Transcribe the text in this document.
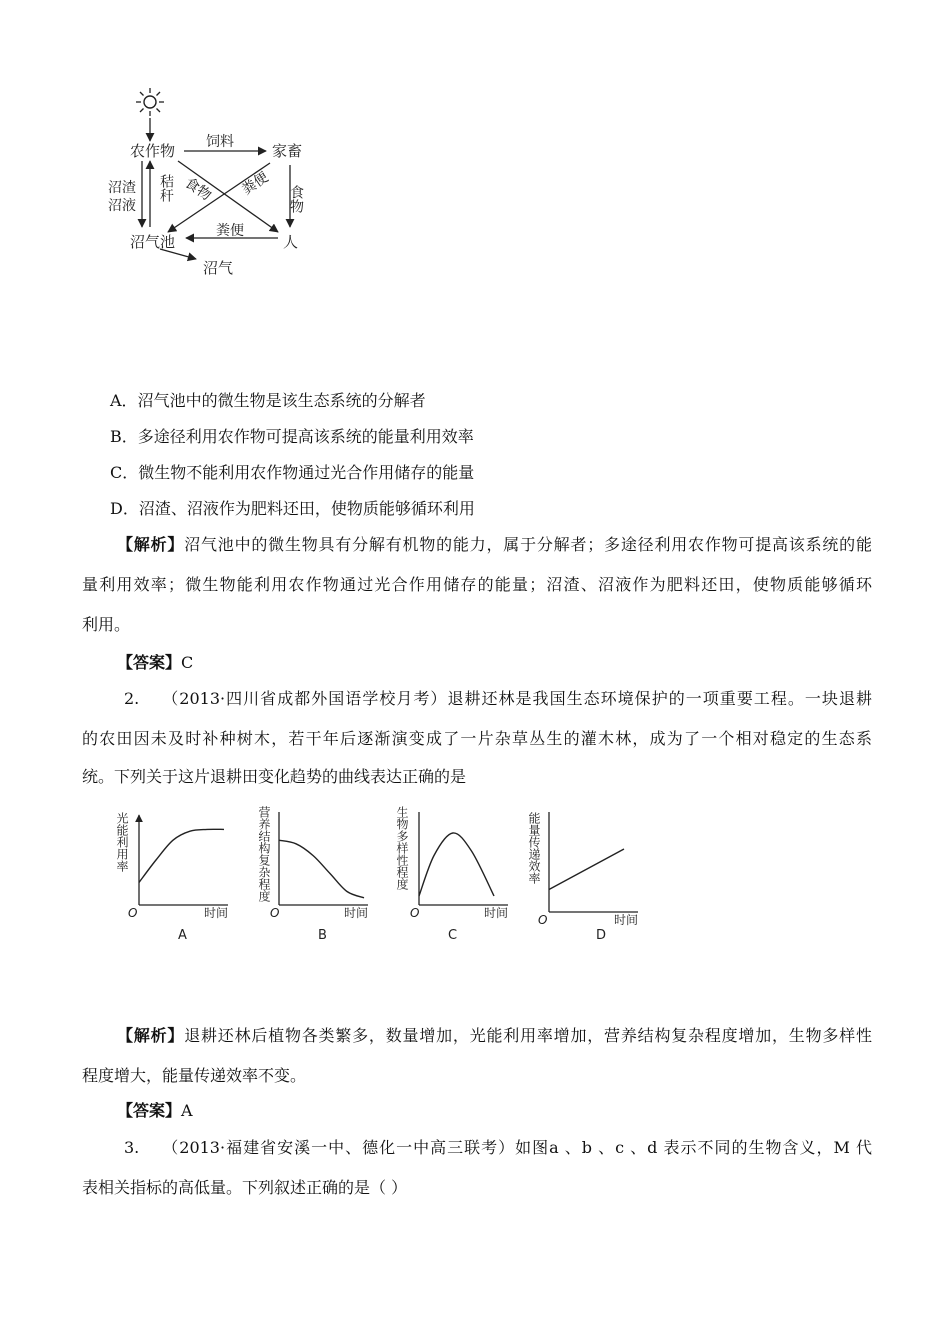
农作物	家畜
沼气池	人
沼气
饲料
食物 粪便
食物
粪便
秸秆
沼渣
沼液
A．沼气池中的微生物是该生态系统的分解者
B．多途径利用农作物可提高该系统的能量利用效率
C．微生物不能利用农作物通过光合作用储存的能量
D．沼渣、沼液作为肥料还田，使物质能够循环利用
【解析】沼气池中的微生物具有分解有机物的能力，属于分解者；多途径利用农作物可提高该系统的能
量利用效率；微生物能利用农作物通过光合作用储存的能量；沼渣、沼液作为肥料还田，使物质能够循环
利用。
【答案】C
2. （2013·四川省成都外国语学校月考）退耕还林是我国生态环境保护的一项重要工程。一块退耕
的农田因未及时补种树木，若干年后逐渐演变成了一片杂草丛生的灌木林，成为了一个相对稳定的生态系
统。下列关于这片退耕田变化趋势的曲线表达正确的是
光能利用率
O	时间
A
营养结构复杂程度
O	时间
B
生物多样性程度
O	时间
C
能量传递效率
O	时间
D
【解析】退耕还林后植物各类繁多，数量增加，光能利用率增加，营养结构复杂程度增加，生物多样性
程度增大，能量传递效率不变。
【答案】A
3. （2013·福建省安溪一中、德化一中高三联考）如图a 、b 、c 、d 表示不同的生物含义，M 代
表相关指标的高低量。下列叙述正确的是（ ）
